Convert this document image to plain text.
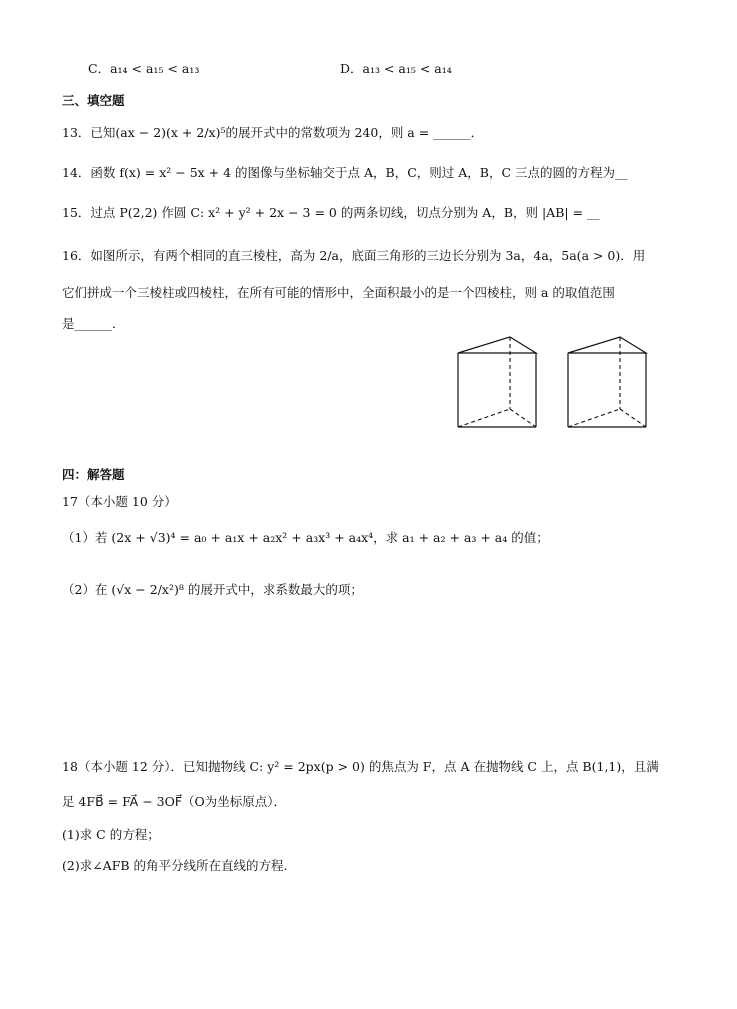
C．a₁₄ < a₁₅ < a₁₃	D．a₁₃ < a₁₅ < a₁₄
三、填空题
13．已知(ax − 2)(x + 2/x)⁵的展开式中的常数项为 240，则 a = ______．
14．函数 f(x) = x² − 5x + 4 的图像与坐标轴交于点 A，B，C，则过 A，B，C 三点的圆的方程为__
15．过点 P(2,2) 作圆 C: x² + y² + 2x − 3 = 0 的两条切线，切点分别为 A，B，则 |AB| = __
16．如图所示，有两个相同的直三棱柱，高为 2/a，底面三角形的三边长分别为 3a，4a，5a(a > 0)．用
它们拼成一个三棱柱或四棱柱，在所有可能的情形中，全面积最小的是一个四棱柱，则 a 的取值范围
是______．
四：解答题
17（本小题 10 分）
（1）若 (2x + √3)⁴ = a₀ + a₁x + a₂x² + a₃x³ + a₄x⁴，求 a₁ + a₂ + a₃ + a₄ 的值；
（2）在 (√x − 2/x²)⁸ 的展开式中，求系数最大的项；
18（本小题 12 分）．已知抛物线 C: y² = 2px(p > 0) 的焦点为 F，点 A 在抛物线 C 上，点 B(1,1)，且满
足 4FB⃗ = FA⃗ − 3OF⃗（O为坐标原点）．
(1)求 C 的方程；
(2)求∠AFB 的角平分线所在直线的方程.
